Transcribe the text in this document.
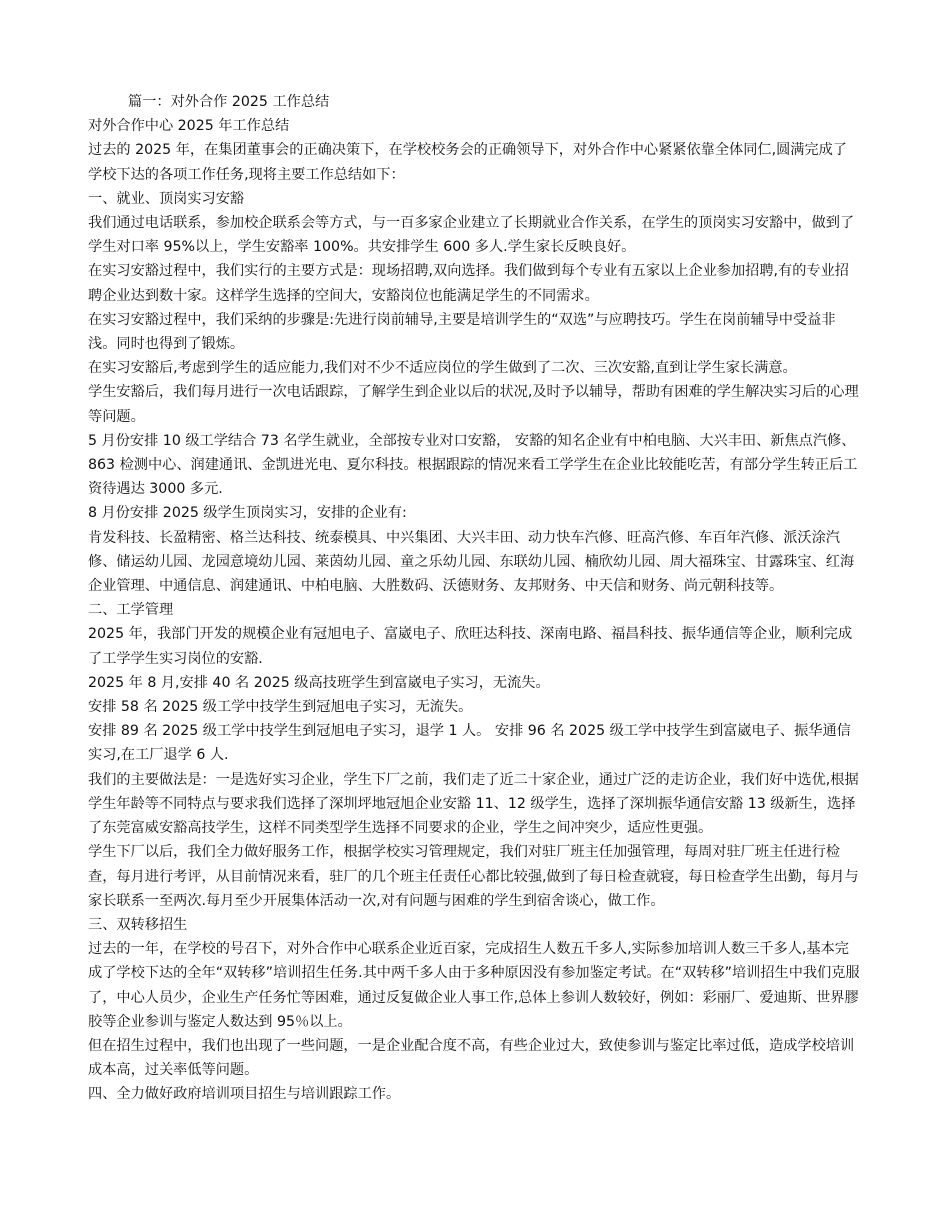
篇一：对外合作 2025 工作总结

对外合作中心 2025 年工作总结

过去的 2025 年，在集团董事会的正确决策下，在学校校务会的正确领导下，对外合作中心紧紧依靠全体同仁,圆满完成了学校下达的各项工作任务,现将主要工作总结如下：

一、就业、顶岗实习安豁

我们通过电话联系，参加校企联系会等方式，与一百多家企业建立了长期就业合作关系，在学生的顶岗实习安豁中，做到了学生对口率 95%以上，学生安豁率 100%。共安排学生 600 多人.学生家长反映良好。

在实习安豁过程中，我们实行的主要方式是：现场招聘,双向选择。我们做到每个专业有五家以上企业参加招聘,有的专业招聘企业达到数十家。这样学生选择的空间大，安豁岗位也能满足学生的不同需求。

在实习安豁过程中，我们采纳的步骤是:先进行岗前辅导,主要是培训学生的“双选”与应聘技巧。学生在岗前辅导中受益非浅。同时也得到了锻炼。

在实习安豁后,考虑到学生的适应能力,我们对不少不适应岗位的学生做到了二次、三次安豁,直到让学生家长满意。

学生安豁后，我们每月进行一次电话跟踪，了解学生到企业以后的状况,及时予以辅导，帮助有困难的学生解决实习后的心理等问题。

5 月份安排 10 级工学结合 73 名学生就业，全部按专业对口安豁， 安豁的知名企业有中柏电脑、大兴丰田、新焦点汽修、863 检测中心、润建通讯、金凯进光电、夏尔科技。根据跟踪的情况来看工学学生在企业比较能吃苦，有部分学生转正后工资待遇达 3000 多元.

8 月份安排 2025 级学生顶岗实习，安排的企业有:

肯发科技、长盈精密、格兰达科技、统泰模具、中兴集团、大兴丰田、动力快车汽修、旺高汽修、车百年汽修、派沃涂汽修、储运幼儿园、龙园意境幼儿园、莱茵幼儿园、童之乐幼儿园、东联幼儿园、楠欣幼儿园、周大福珠宝、甘露珠宝、红海企业管理、中通信息、润建通讯、中柏电脑、大胜数码、沃德财务、友邦财务、中天信和财务、尚元朝科技等。

二、工学管理

2025 年，我部门开发的规模企业有冠旭电子、富崴电子、欣旺达科技、深南电路、福昌科技、振华通信等企业，顺利完成了工学学生实习岗位的安豁.

2025 年 8 月,安排 40 名 2025 级高技班学生到富崴电子实习，无流失。

安排 58 名 2025 级工学中技学生到冠旭电子实习，无流失。

安排 89 名 2025 级工学中技学生到冠旭电子实习，退学 1 人。 安排 96 名 2025 级工学中技学生到富崴电子、振华通信实习,在工厂退学 6 人.

我们的主要做法是：一是选好实习企业，学生下厂之前，我们走了近二十家企业，通过广泛的走访企业，我们好中选优,根据学生年龄等不同特点与要求我们选择了深圳坪地冠旭企业安豁 11、12 级学生，选择了深圳振华通信安豁 13 级新生，选择了东莞富威安豁高技学生，这样不同类型学生选择不同要求的企业，学生之间冲突少，适应性更强。

学生下厂以后，我们全力做好服务工作，根据学校实习管理规定，我们对驻厂班主任加强管理，每周对驻厂班主任进行检查，每月进行考评，从目前情况来看，驻厂的几个班主任责任心都比较强,做到了每日检查就寝，每日检查学生出勤，每月与家长联系一至两次.每月至少开展集体活动一次,对有问题与困难的学生到宿舍谈心，做工作。

三、双转移招生

过去的一年，在学校的号召下，对外合作中心联系企业近百家，完成招生人数五千多人,实际参加培训人数三千多人,基本完成了学校下达的全年“双转移”培训招生任务.其中两千多人由于多种原因没有参加鉴定考试。在“双转移”培训招生中我们克服了，中心人员少，企业生产任务忙等困难，通过反复做企业人事工作,总体上参训人数较好，例如：彩丽厂、爱迪斯、世界膠胶等企业参训与鉴定人数达到 95％以上。

但在招生过程中，我们也出现了一些问题，一是企业配合度不高，有些企业过大，致使参训与鉴定比率过低，造成学校培训成本高，过关率低等问题。

四、全力做好政府培训项目招生与培训跟踪工作。
